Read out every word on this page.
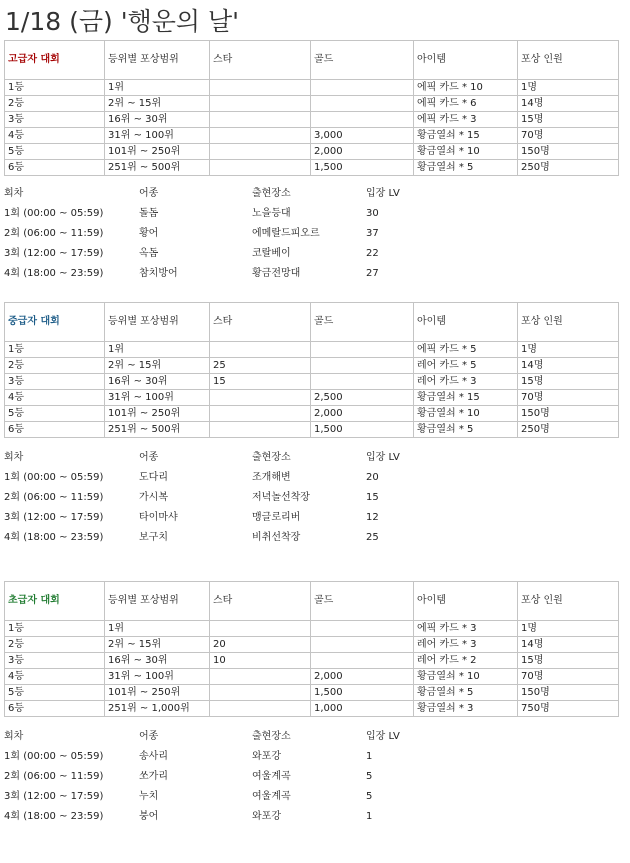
1/18 (금) '행운의 날'
고급자 대회	등위별 포상범위	스타	골드	아이템	포상 인원
1등	1위			에픽 카드 * 10	1명
2등	2위 ~ 15위			에픽 카드 * 6	14명
3등	16위 ~ 30위			에픽 카드 * 3	15명
4등	31위 ~ 100위		3,000	황금열쇠 * 15	70명
5등	101위 ~ 250위		2,000	황금열쇠 * 10	150명
6등	251위 ~ 500위		1,500	황금열쇠 * 5	250명
회차	어종	출현장소	입장 LV
1회 (00:00 ~ 05:59)	돌돔	노을등대	30
2회 (06:00 ~ 11:59)	황어	에메랄드피오르	37
3회 (12:00 ~ 17:59)	옥돔	코랄베이	22
4회 (18:00 ~ 23:59)	참치방어	황금전망대	27
중급자 대회	등위별 포상범위	스타	골드	아이템	포상 인원
1등	1위			에픽 카드 * 5	1명
2등	2위 ~ 15위	25		레어 카드 * 5	14명
3등	16위 ~ 30위	15		레어 카드 * 3	15명
4등	31위 ~ 100위		2,500	황금열쇠 * 15	70명
5등	101위 ~ 250위		2,000	황금열쇠 * 10	150명
6등	251위 ~ 500위		1,500	황금열쇠 * 5	250명
회차	어종	출현장소	입장 LV
1회 (00:00 ~ 05:59)	도다리	조개해변	20
2회 (06:00 ~ 11:59)	가시복	저녁놀선착장	15
3회 (12:00 ~ 17:59)	타이마샤	맹글로리버	12
4회 (18:00 ~ 23:59)	보구치	비취선착장	25
초급자 대회	등위별 포상범위	스타	골드	아이템	포상 인원
1등	1위			에픽 카드 * 3	1명
2등	2위 ~ 15위	20		레어 카드 * 3	14명
3등	16위 ~ 30위	10		레어 카드 * 2	15명
4등	31위 ~ 100위		2,000	황금열쇠 * 10	70명
5등	101위 ~ 250위		1,500	황금열쇠 * 5	150명
6등	251위 ~ 1,000위		1,000	황금열쇠 * 3	750명
회차	어종	출현장소	입장 LV
1회 (00:00 ~ 05:59)	송사리	와포강	1
2회 (06:00 ~ 11:59)	쏘가리	여울계곡	5
3회 (12:00 ~ 17:59)	누치	여울계곡	5
4회 (18:00 ~ 23:59)	붕어	와포강	1
